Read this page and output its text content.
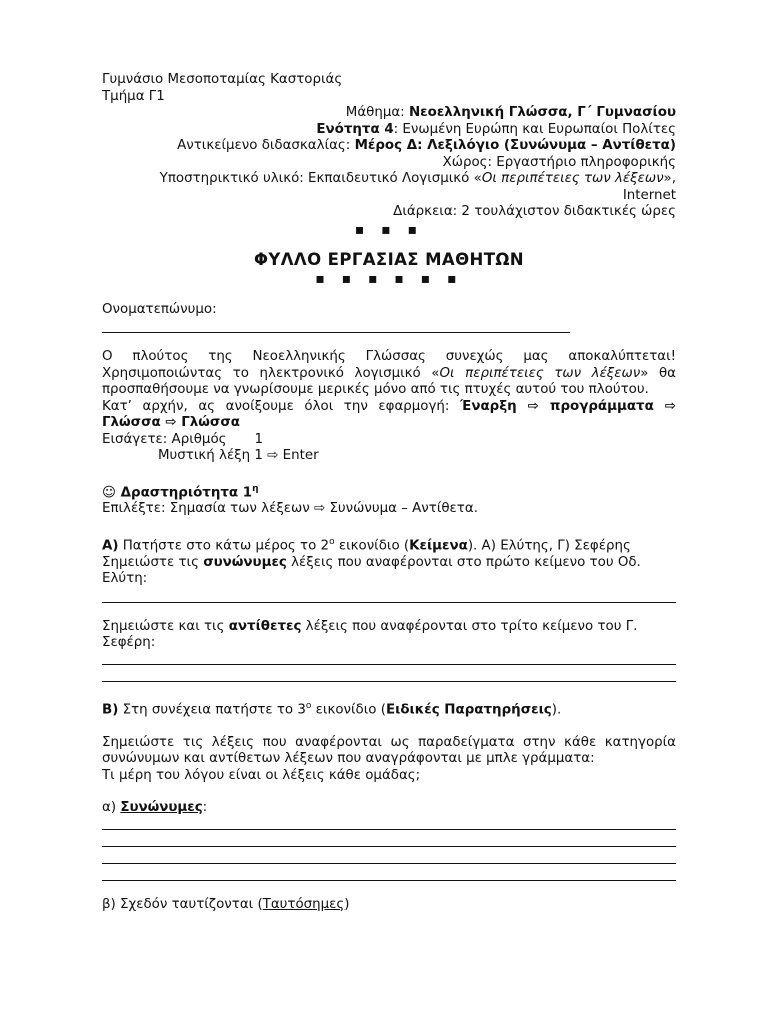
Γυμνάσιο Μεσοποταμίας Καστοριάς
Τμήμα Γ1
Μάθημα: Νεοελληνική Γλώσσα, Γ΄ Γυμνασίου
Ενότητα 4: Ενωμένη Ευρώπη και Ευρωπαίοι Πολίτες
Αντικείμενο διδασκαλίας: Μέρος Δ: Λεξιλόγιο (Συνώνυμα – Αντίθετα)
Χώρος: Εργαστήριο πληροφορικής
Υποστηρικτικό υλικό: Εκπαιδευτικό Λογισμικό «Οι περιπέτειες των λέξεων»,
Internet
Διάρκεια: 2 τουλάχιστον διδακτικές ώρες
▪ ▪ ▪
ΦΥΛΛΟ ΕΡΓΑΣΙΑΣ ΜΑΘΗΤΩΝ
▪ ▪ ▪ ▪ ▪ ▪
Ονοματεπώνυμο:
Ο πλούτος της Νεοελληνικής Γλώσσας συνεχώς μας αποκαλύπτεται! Χρησιμοποιώντας το ηλεκτρονικό λογισμικό «Οι περιπέτειες των λέξεων» θα προσπαθήσουμε να γνωρίσουμε μερικές μόνο από τις πτυχές αυτού του πλούτου.
Κατ’ αρχήν, ας ανοίξουμε όλοι την εφαρμογή: Έναρξη ⇨ προγράμματα ⇨ Γλώσσα ⇨ Γλώσσα
Εισάγετε: Αριθμός 1
Μυστική λέξη 1 ⇨ Enter
☺ Δραστηριότητα $1^\eta$
Επιλέξτε: Σημασία των λέξεων ⇨ Συνώνυμα – Αντίθετα.
Α) Πατήστε στο κάτω μέρος το $2^o$ εικονίδιο (Κείμενα). Α) Ελύτης, Γ) Σεφέρης
Σημειώστε τις συνώνυμες λέξεις που αναφέρονται στο πρώτο κείμενο του Οδ. Ελύτη:
Σημειώστε και τις αντίθετες λέξεις που αναφέρονται στο τρίτο κείμενο του Γ. Σεφέρη:
Β) Στη συνέχεια πατήστε το $3^o$ εικονίδιο (Ειδικές Παρατηρήσεις).
Σημειώστε τις λέξεις που αναφέρονται ως παραδείγματα στην κάθε κατηγορία συνώνυμων και αντίθετων λέξεων που αναγράφονται με μπλε γράμματα:
Τι μέρη του λόγου είναι οι λέξεις κάθε ομάδας;
α) Συνώνυμες:
β) Σχεδόν ταυτίζονται (Ταυτόσημες)
